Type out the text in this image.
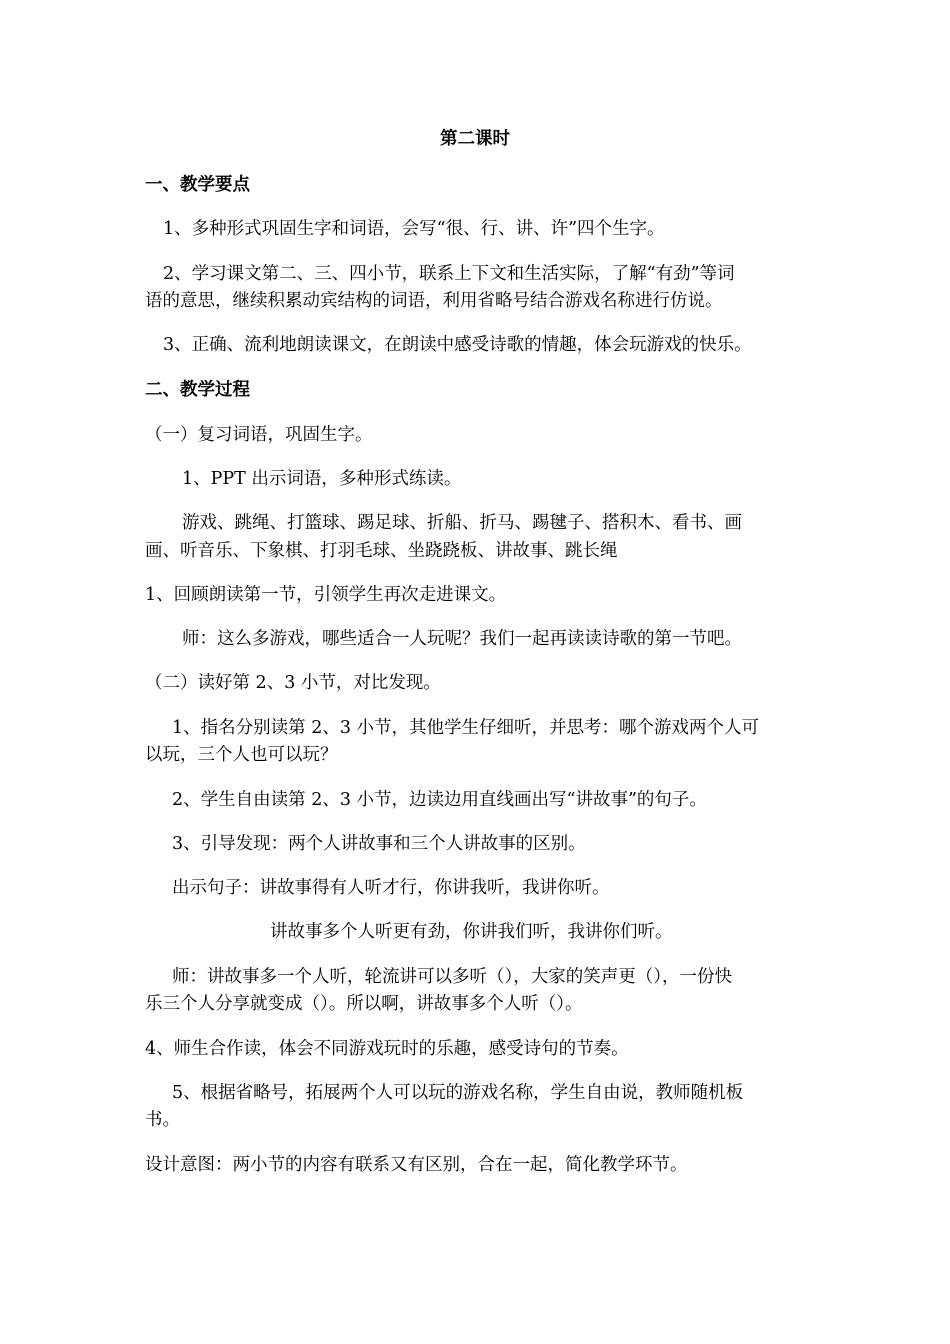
第二课时
一、教学要点
1、多种形式巩固生字和词语，会写“很、行、讲、许”四个生字。
2、学习课文第二、三、四小节，联系上下文和生活实际，了解“有劲”等词
语的意思，继续积累动宾结构的词语，利用省略号结合游戏名称进行仿说。
3、正确、流利地朗读课文，在朗读中感受诗歌的情趣，体会玩游戏的快乐。
二、教学过程
（一）复习词语，巩固生字。
1、PPT 出示词语，多种形式练读。
游戏、跳绳、打篮球、踢足球、折船、折马、踢毽子、搭积木、看书、画
画、听音乐、下象棋、打羽毛球、坐跷跷板、讲故事、跳长绳
1、回顾朗读第一节，引领学生再次走进课文。
师：这么多游戏，哪些适合一人玩呢？我们一起再读读诗歌的第一节吧。
（二）读好第 2、3 小节，对比发现。
1、指名分别读第 2、3 小节，其他学生仔细听，并思考：哪个游戏两个人可
以玩，三个人也可以玩？
2、学生自由读第 2、3 小节，边读边用直线画出写“讲故事”的句子。
3、引导发现：两个人讲故事和三个人讲故事的区别。
出示句子：讲故事得有人听才行，你讲我听，我讲你听。
讲故事多个人听更有劲，你讲我们听，我讲你们听。
师：讲故事多一个人听，轮流讲可以多听（），大家的笑声更（），一份快
乐三个人分享就变成（）。所以啊，讲故事多个人听（）。
4、师生合作读，体会不同游戏玩时的乐趣，感受诗句的节奏。
5、根据省略号，拓展两个人可以玩的游戏名称，学生自由说，教师随机板
书。
设计意图：两小节的内容有联系又有区别，合在一起，简化教学环节。
